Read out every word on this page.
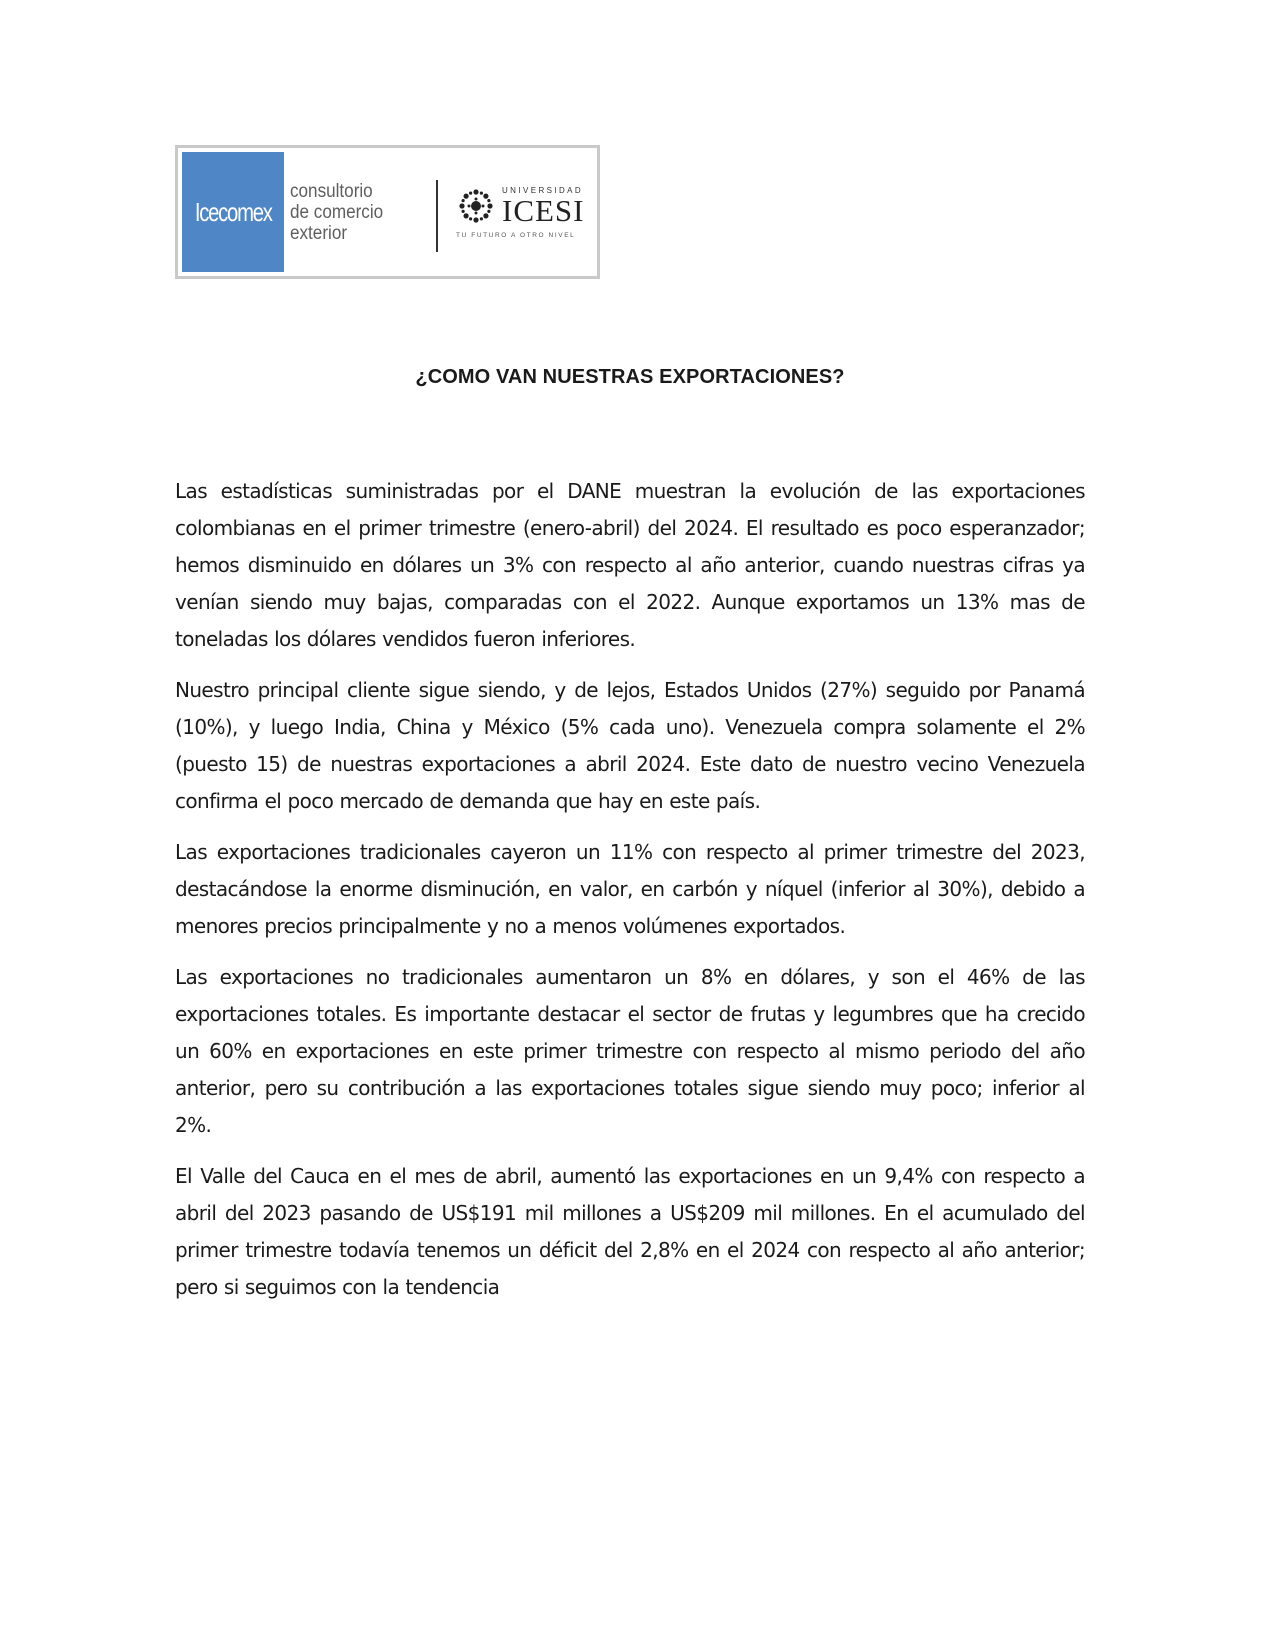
Icecomex
consultorio
de comercio
exterior
UNIVERSIDAD
ICESI
TU FUTURO A OTRO NIVEL
¿COMO VAN NUESTRAS EXPORTACIONES?

Las estadísticas suministradas por el DANE muestran la evolución de las exportaciones colombianas en el primer trimestre (enero-abril) del 2024. El resultado es poco esperanzador; hemos disminuido en dólares un 3% con respecto al año anterior, cuando nuestras cifras ya venían siendo muy bajas, comparadas con el 2022. Aunque exportamos un 13% mas de toneladas los dólares vendidos fueron inferiores.

Nuestro principal cliente sigue siendo, y de lejos, Estados Unidos (27%) seguido por Panamá (10%), y luego India, China y México (5% cada uno). Venezuela compra solamente el 2% (puesto 15) de nuestras exportaciones a abril 2024. Este dato de nuestro vecino Venezuela confirma el poco mercado de demanda que hay en este país.

Las exportaciones tradicionales cayeron un 11% con respecto al primer trimestre del 2023, destacándose la enorme disminución, en valor, en carbón y níquel (inferior al 30%), debido a menores precios principalmente y no a menos volúmenes exportados.

Las exportaciones no tradicionales aumentaron un 8% en dólares, y son el 46% de las exportaciones totales. Es importante destacar el sector de frutas y legumbres que ha crecido un 60% en exportaciones en este primer trimestre con respecto al mismo periodo del año anterior, pero su contribución a las exportaciones totales sigue siendo muy poco; inferior al 2%.

El Valle del Cauca en el mes de abril, aumentó las exportaciones en un 9,4% con respecto a abril del 2023 pasando de US$191 mil millones a US$209 mil millones. En el acumulado del primer trimestre todavía tenemos un déficit del 2,8% en el 2024 con respecto al año anterior; pero si seguimos con la tendencia
